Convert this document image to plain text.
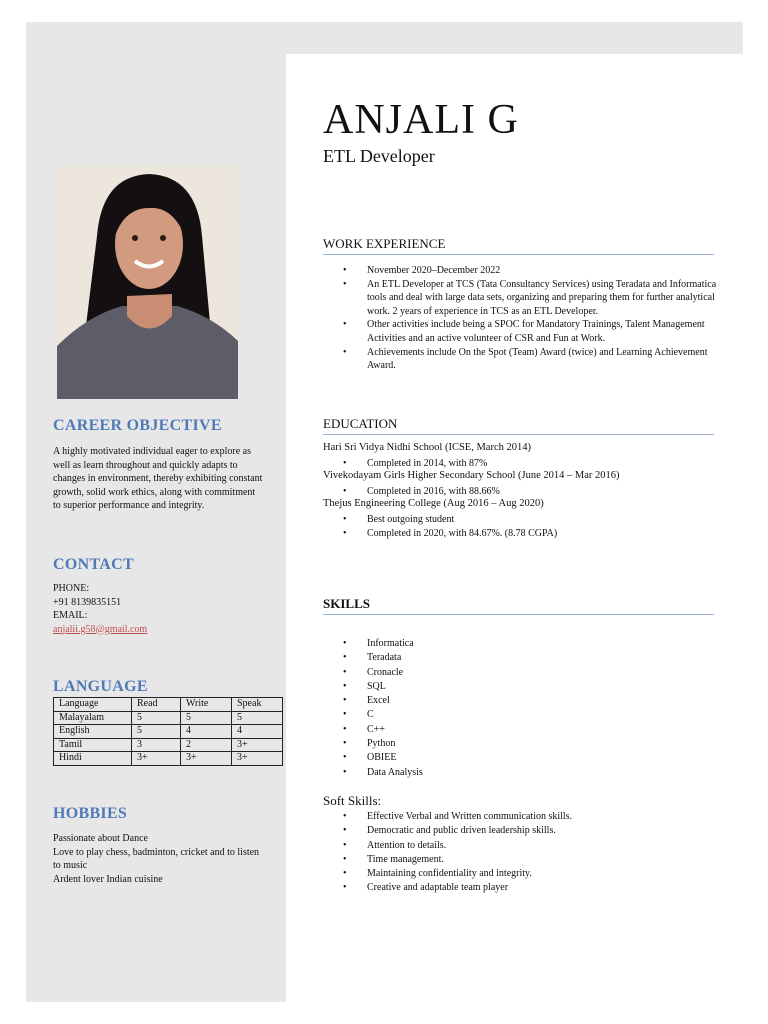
CAREER OBJECTIVE
A highly motivated individual eager to explore as well as learn throughout and quickly adapts to changes in environment, thereby exhibiting constant growth, solid work ethics, along with commitment to superior performance and integrity.
CONTACT
PHONE:
+91 8139835151
EMAIL:
anjalii.g58@gmail.com
LANGUAGE
Language	Read	Write	Speak
Malayalam	5	5	5
English	5	4	4
Tamil	3	2	3+
Hindi	3+	3+	3+
HOBBIES
Passionate about Dance
Love to play chess, badminton, cricket and to listen to music
Ardent lover Indian cuisine
ANJALI G
ETL Developer
WORK EXPERIENCE
• November 2020–December 2022
• An ETL Developer at TCS (Tata Consultancy Services) using Teradata and Informatica tools and deal with large data sets, organizing and preparing them for further analytical work. 2 years of experience in TCS as an ETL Developer.
• Other activities include being a SPOC for Mandatory Trainings, Talent Management Activities and an active volunteer of CSR and Fun at Work.
• Achievements include On the Spot (Team) Award (twice) and Learning Achievement Award.
EDUCATION
Hari Sri Vidya Nidhi School (ICSE, March 2014)
• Completed in 2014, with 87%
Vivekodayam Girls Higher Secondary School (June 2014 – Mar 2016)
• Completed in 2016, with 88.66%
Thejus Engineering College (Aug 2016 – Aug 2020)
• Best outgoing student
• Completed in 2020, with 84.67%. (8.78 CGPA)
SKILLS
• Informatica
• Teradata
• Cronacle
• SQL
• Excel
• C
• C++
• Python
• OBIEE
• Data Analysis
Soft Skills:
• Effective Verbal and Written communication skills.
• Democratic and public driven leadership skills.
• Attention to details.
• Time management.
• Maintaining confidentiality and integrity.
• Creative and adaptable team player
